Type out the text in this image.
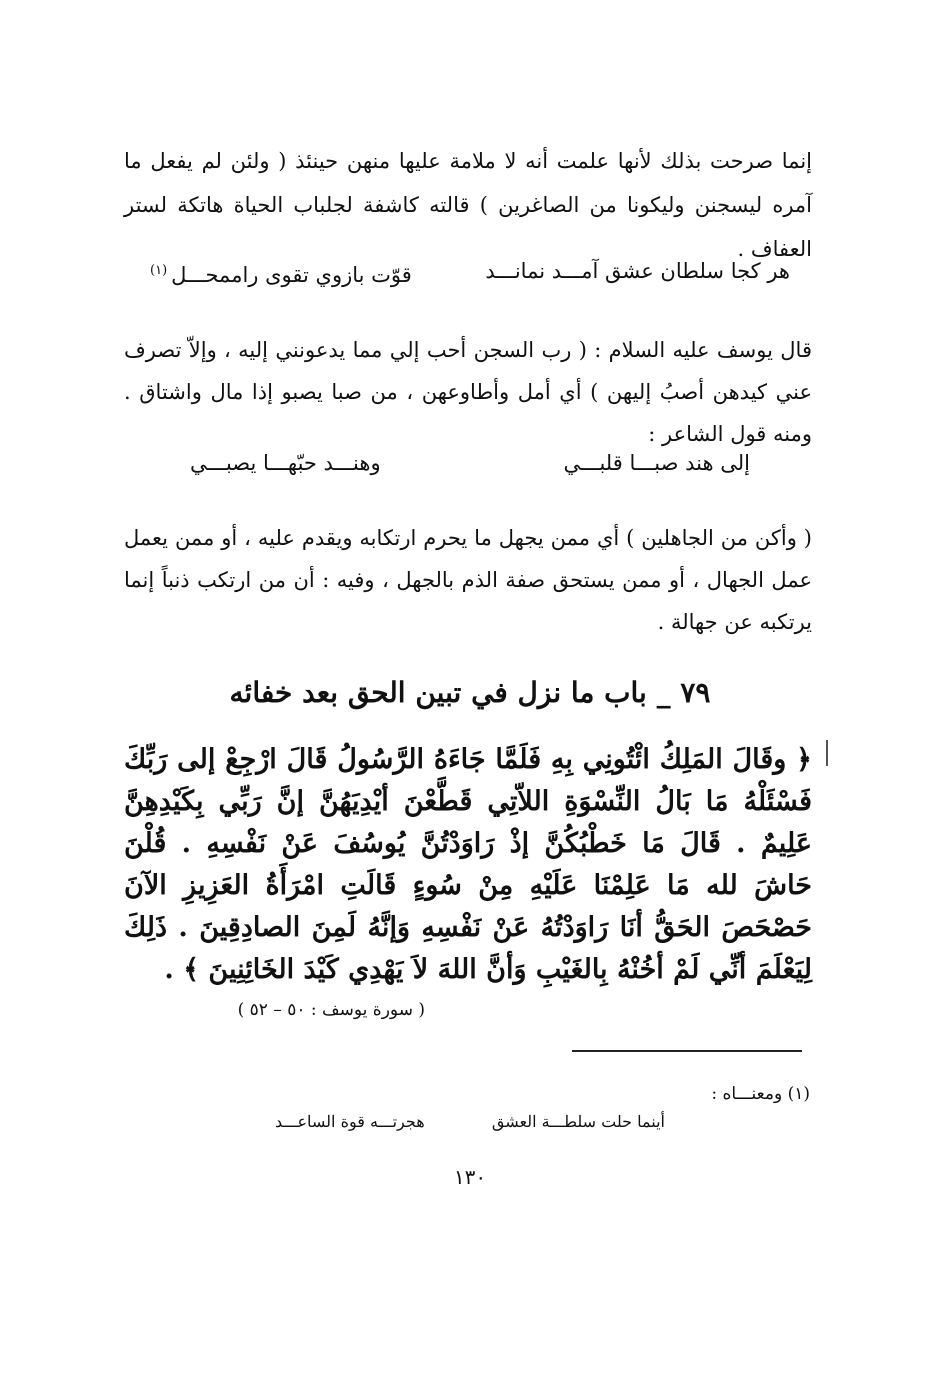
إنما صرحت بذلك لأنها علمت أنه لا ملامة عليها منهن حينئذ ( ولئن لم يفعل ما آمره ليسجنن وليكونا من الصاغرين ) قالته كاشفة لجلباب الحياة هاتكة لستر العفاف .

هر كجا سلطان عشق آمـــد نمانـــد
قوّت بازوي تقوى راممحـــل$^{(١)}$

قال يوسف عليه السلام : ( رب السجن أحب إلي مما يدعونني إليه ، وإلاّ تصرف عني كيدهن أصبُ إليهن ) أي أمل وأطاوعهن ، من صبا يصبو إذا مال واشتاق . ومنه قول الشاعر :

إلى هند صبـــا قلبـــي
وهنـــد حبّهـــا يصبـــي

( وأكن من الجاهلين ) أي ممن يجهل ما يحرم ارتكابه ويقدم عليه ، أو ممن يعمل عمل الجهال ، أو ممن يستحق صفة الذم بالجهل ، وفيه : أن من ارتكب ذنباً إنما يرتكبه عن جهالة .

٧٩ _ باب ما نزل في تبين الحق بعد خفائه

﴿ وقَالَ المَلِكُ ائْتُونِي بِهِ فَلَمَّا جَاءَهُ الرَّسُولُ قَالَ ارْجِعْ إلى رَبِّكَ فَسْئَلْهُ مَا بَالُ النِّسْوَةِ اللاّتِي قَطَّعْنَ أيْدِيَهُنَّ إنَّ رَبِّي بِكَيْدِهِنَّ عَلِيمٌ . قَالَ مَا خَطْبُكُنَّ إذْ رَاوَدْتُنَّ يُوسُفَ عَنْ نَفْسِهِ . قُلْنَ حَاشَ لله مَا عَلِمْنَا عَلَيْهِ مِنْ سُوءٍ قَالَتِ امْرَأَةُ العَزِيزِ الآنَ حَصْحَصَ الحَقُّ أنَا رَاوَدْتُهُ عَنْ نَفْسِهِ وَإنَّهُ لَمِنَ الصادِقِينَ . ذَلِكَ لِيَعْلَمَ أنِّي لَمْ أخُنْهُ بِالغَيْبِ وَأنَّ اللهَ لاَ يَهْدِي كَيْدَ الخَائِنِينَ ﴾ .

( سورة يوسف : ٥٠ – ٥٢ )
(١) ومعنـــاه :
أينما حلت سلطـــة العشق
هجرتـــه قوة الساعـــد
١٣٠
